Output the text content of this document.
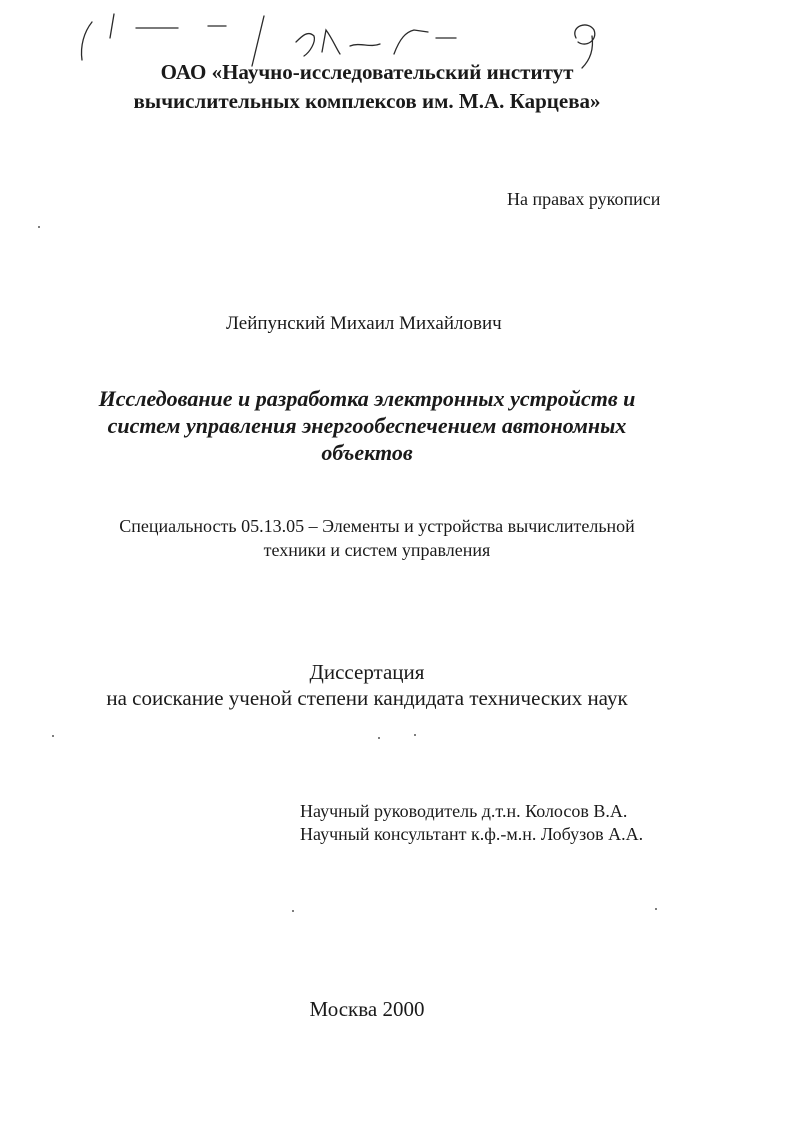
ОАО «Научно-исследовательский институт
вычислительных комплексов им. М.А. Карцева»
На правах рукописи
Лейпунский Михаил Михайлович
Исследование и разработка электронных устройств и
систем управления энергообеспечением автономных
объектов
Специальность 05.13.05 – Элементы и устройства вычислительной
техники и систем управления
Диссертация
на соискание ученой степени кандидата технических наук
Научный руководитель д.т.н. Колосов В.А.
Научный консультант к.ф.-м.н. Лобузов А.А.
Москва 2000
